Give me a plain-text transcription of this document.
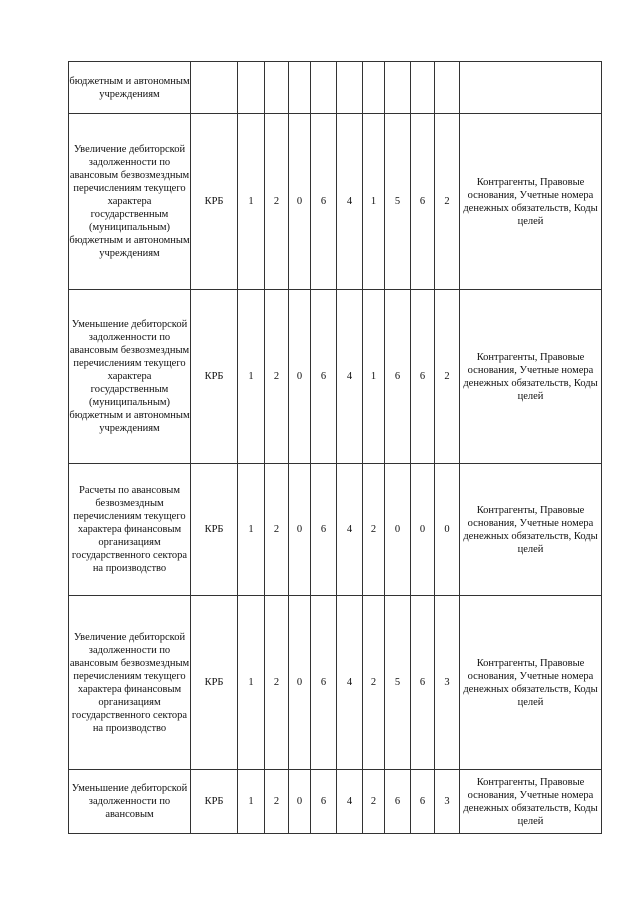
бюджетным и автономным учреждениям											
Увеличение дебиторской задолженности по авансовым безвозмездным перечислениям текущего характера государственным (муниципальным) бюджетным и автономным учреждениям	КРБ	1	2	0	6	4	1	5	6	2	Контрагенты, Правовые основания, Учетные номера денежных обязательств, Коды целей
Уменьшение дебиторской задолженности по авансовым безвозмездным перечислениям текущего характера государственным (муниципальным) бюджетным и автономным учреждениям	КРБ	1	2	0	6	4	1	6	6	2	Контрагенты, Правовые основания, Учетные номера денежных обязательств, Коды целей
Расчеты по авансовым безвозмездным перечислениям текущего характера финансовым организациям государственного сектора на производство	КРБ	1	2	0	6	4	2	0	0	0	Контрагенты, Правовые основания, Учетные номера денежных обязательств, Коды целей
Увеличение дебиторской задолженности по авансовым безвозмездным перечислениям текущего характера финансовым организациям государственного сектора на производство	КРБ	1	2	0	6	4	2	5	6	3	Контрагенты, Правовые основания, Учетные номера денежных обязательств, Коды целей
Уменьшение дебиторской задолженности по авансовым	КРБ	1	2	0	6	4	2	6	6	3	Контрагенты, Правовые основания, Учетные номера денежных обязательств, Коды целей
